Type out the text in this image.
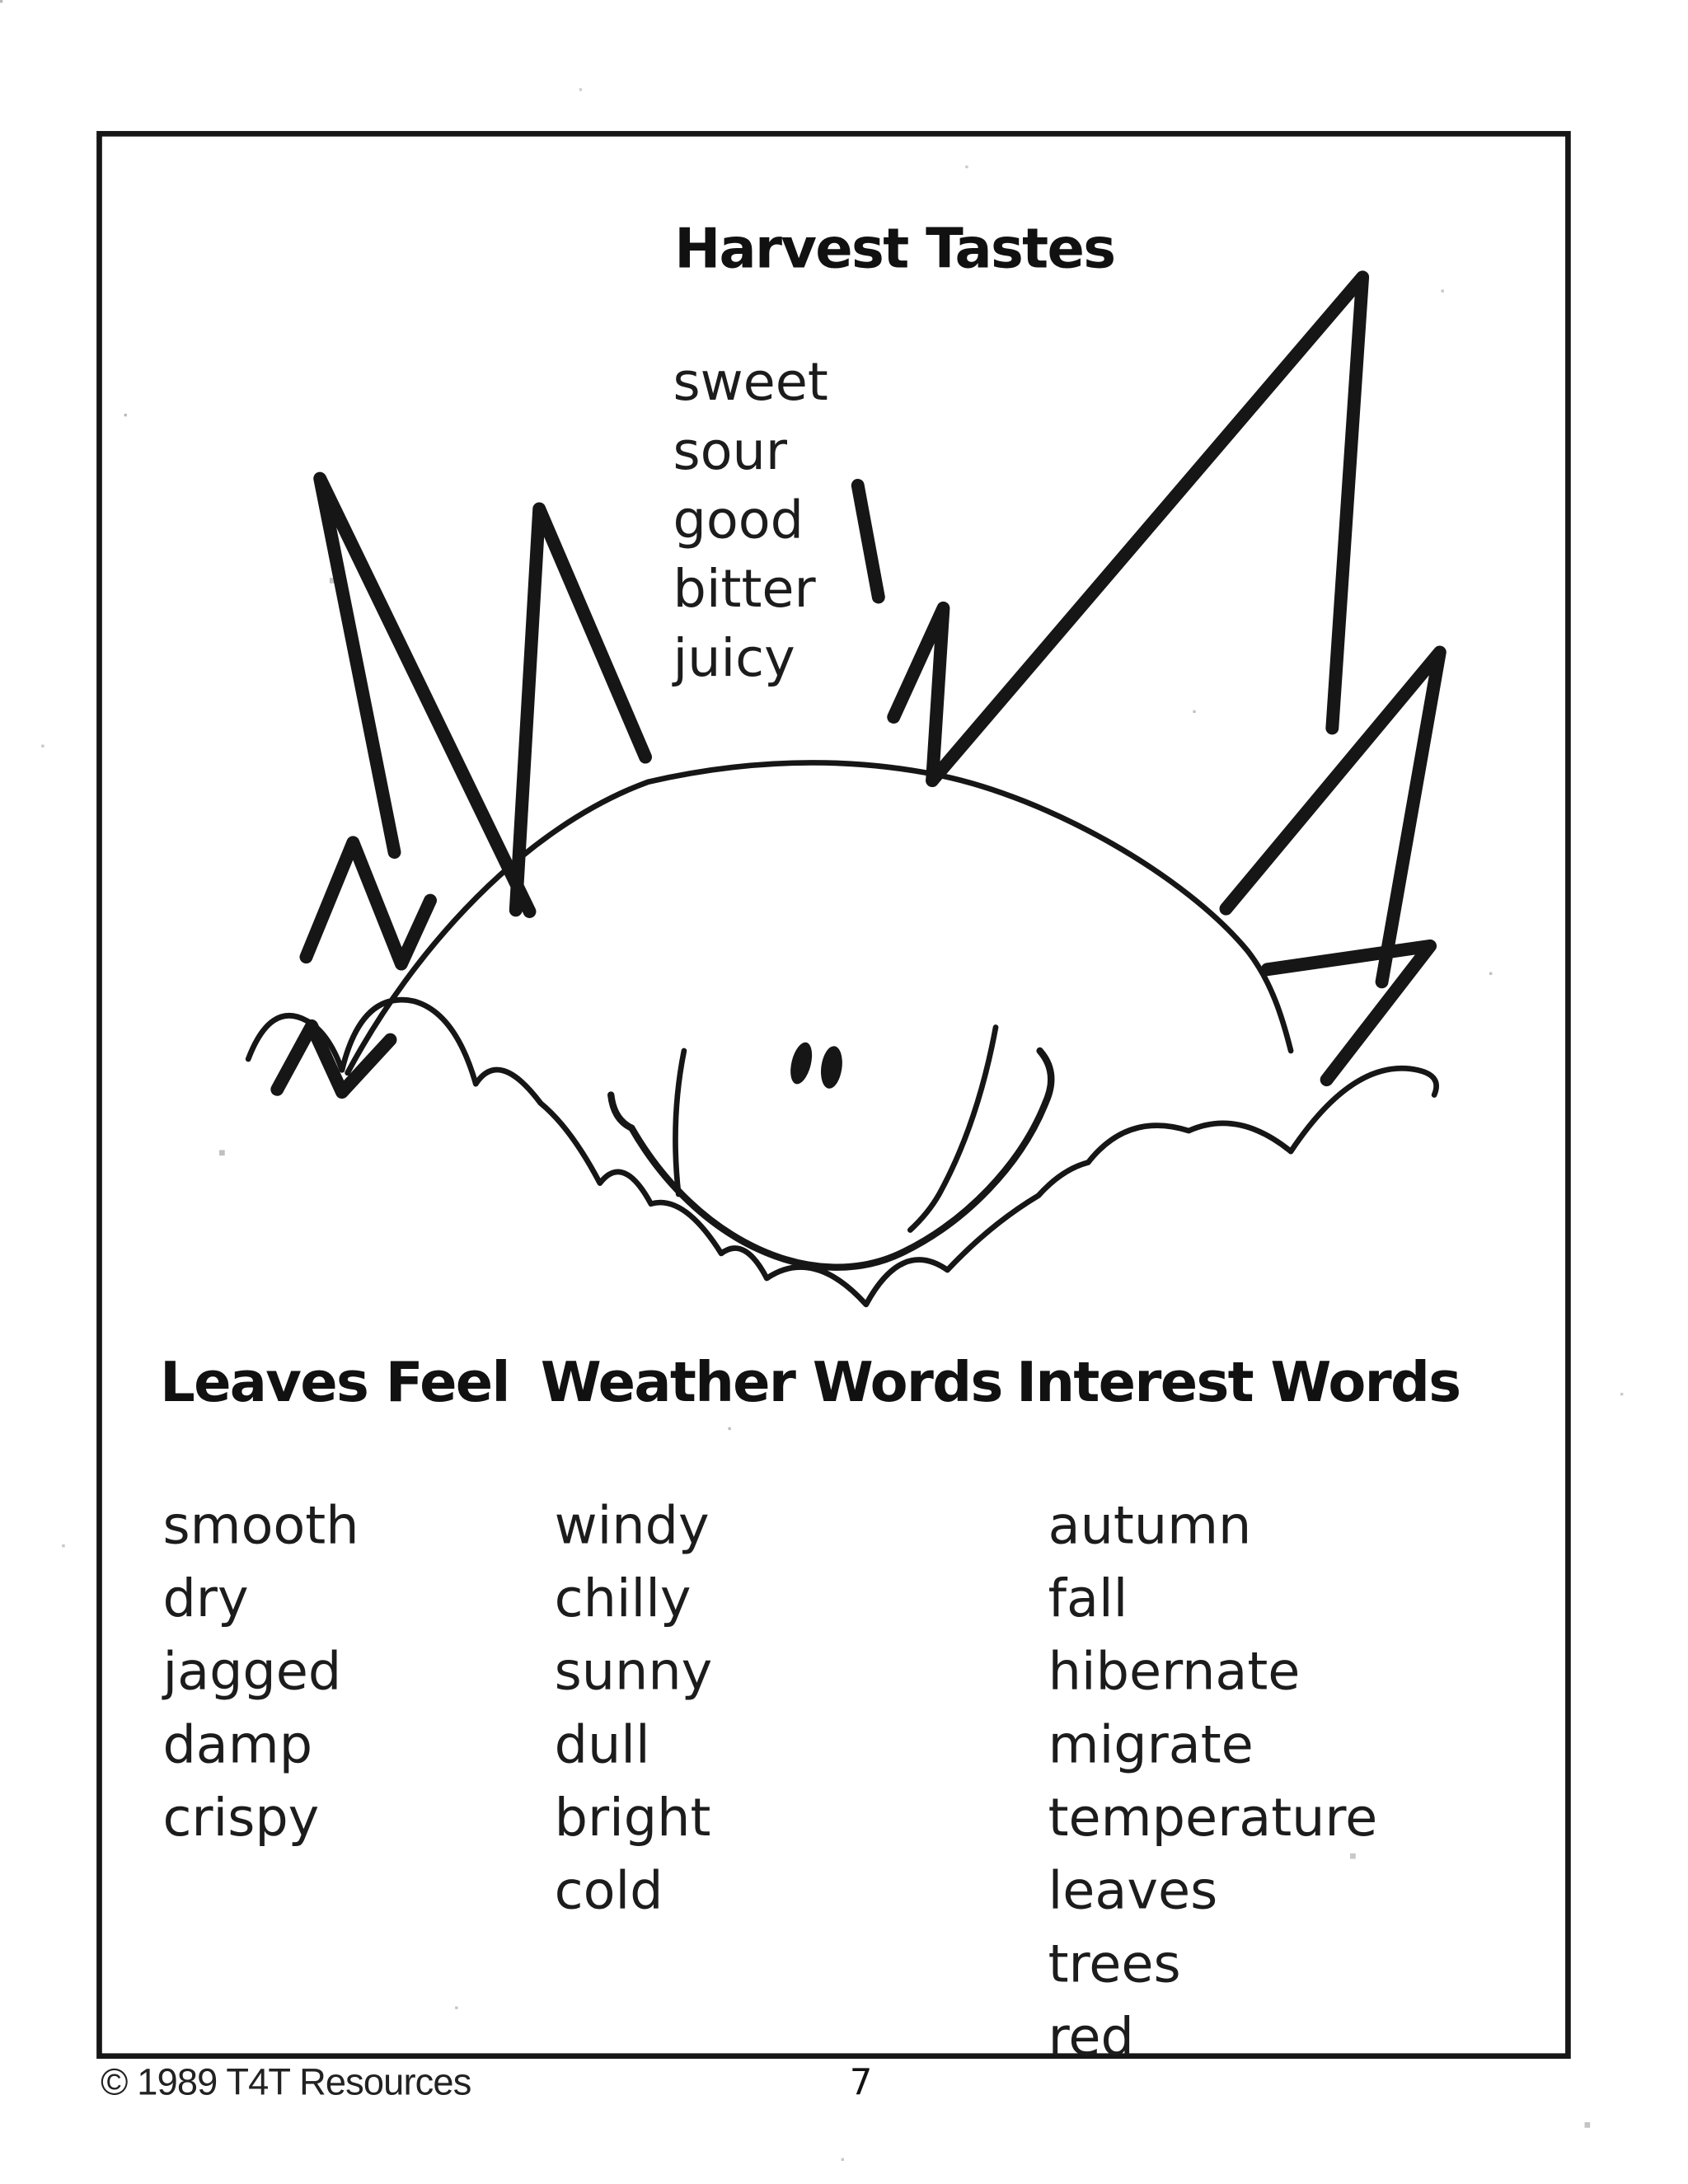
Harvest Tastes
sweet
sour
good
bitter
juicy
Leaves Feel Weather Words Interest Words
smooth
dry
jagged
damp
crispy
windy
chilly
sunny
dull
bright
cold
autumn
fall
hibernate
migrate
temperature
leaves
trees
red
© 1989 T4T Resources	7
